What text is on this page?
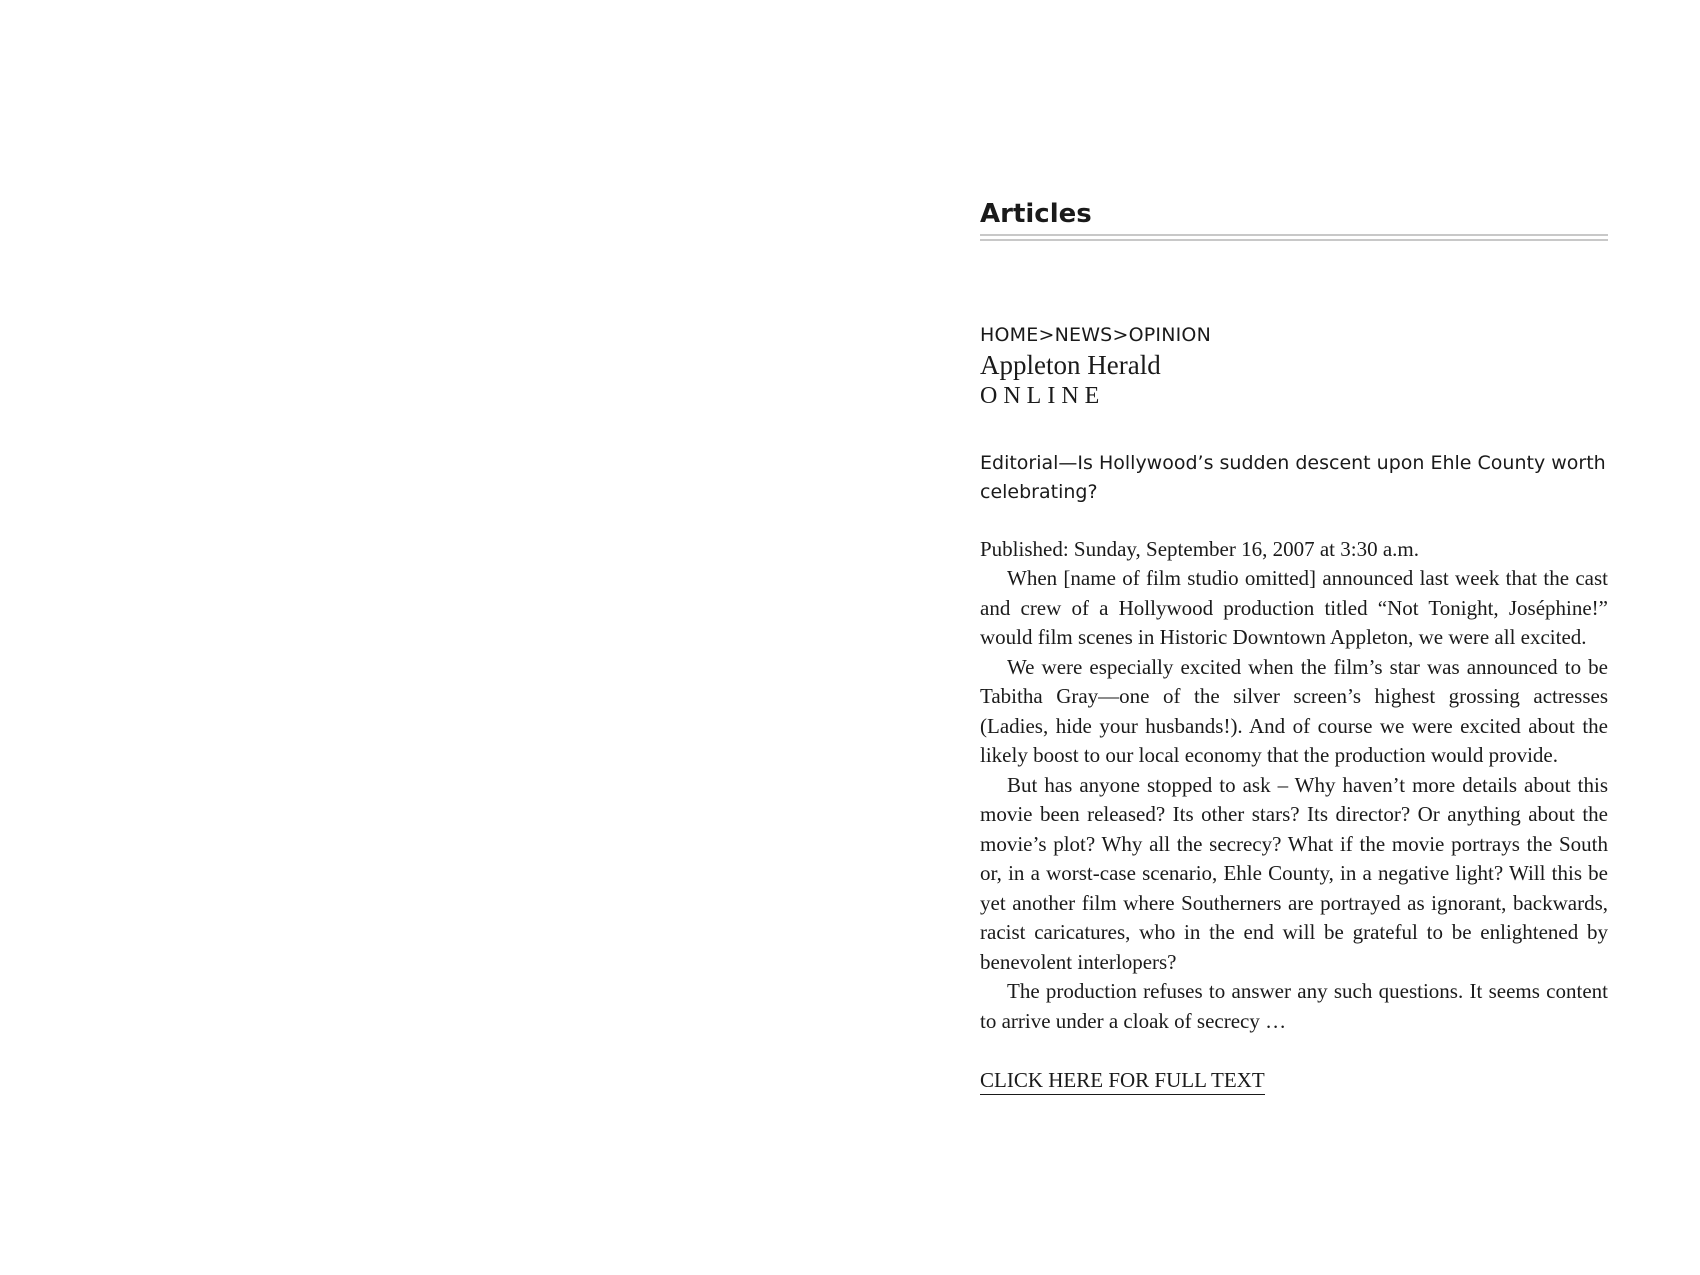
Articles
HOME>NEWS>OPINION
Appleton Herald
ONLINE
Editorial—Is Hollywood’s sudden descent upon Ehle County worth celebrating?
Published: Sunday, September 16, 2007 at 3:30 a.m.

When [name of film studio omitted] announced last week that the cast and crew of a Hollywood production titled “Not Tonight, Joséphine!” would film scenes in Historic Downtown Appleton, we were all excited.

We were especially excited when the film’s star was announced to be Tabitha Gray—one of the silver screen’s highest grossing actresses (Ladies, hide your husbands!). And of course we were excited about the likely boost to our local economy that the production would provide.

But has anyone stopped to ask – Why haven’t more details about this movie been released? Its other stars? Its director? Or anything about the movie’s plot? Why all the secrecy? What if the movie portrays the South or, in a worst-case scenario, Ehle County, in a negative light? Will this be yet another film where Southerners are portrayed as ignorant, backwards, racist caricatures, who in the end will be grateful to be enlightened by benevolent interlopers?

The production refuses to answer any such questions. It seems content to arrive under a cloak of secrecy …

CLICK HERE FOR FULL TEXT
